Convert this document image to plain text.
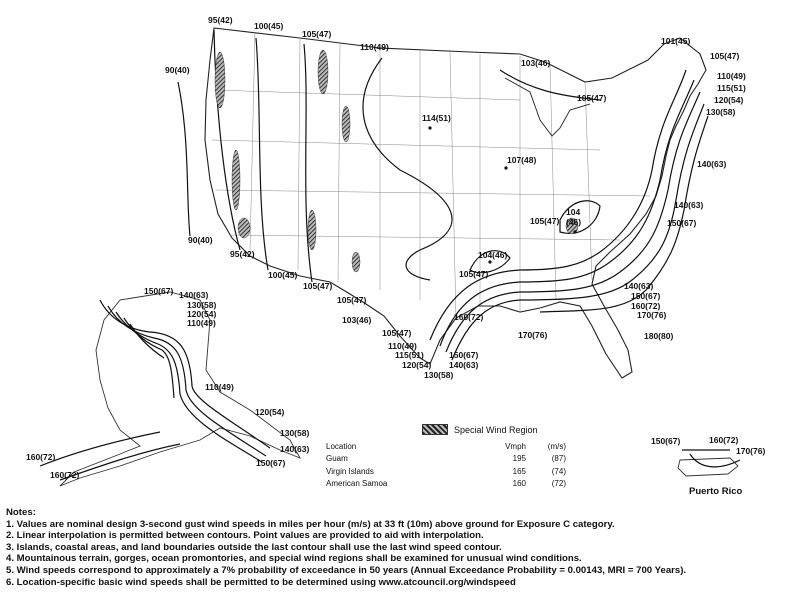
90(40)
95(42)
100(45)
105(47)
110(49)
114(51)
103(46)
105(47)
107(48)
101(45)
105(47)
110(49)
115(51)
120(54)
130(58)
140(63)
140(63)
150(67)
105(47)
104
(46)
104(46)
90(40)
95(42)
100(45)
105(47)
105(47)
105(47)
103(46)
105(47)
110(49)
115(51)
120(54)
130(58)
150(67)
140(63)
160(72)
170(76)
140(63)
150(67)
160(72)
170(76)
180(80)
150(67) 140(63)
130(58)
120(54)
110(49)
110(49)
120(54)
130(58)
140(63)
150(67)
160(72)
160(72)
150(67)	160(72)
170(76)
Special Wind Region
Location	Vmph	(m/s)
Guam	195	(87)
Virgin Islands	165	(74)
American Samoa	160	(72)
Puerto Rico
Notes:
1. Values are nominal design 3-second gust wind speeds in miles per hour (m/s) at 33 ft (10m) above ground for Exposure C category.
2. Linear interpolation is permitted between contours. Point values are provided to aid with interpolation.
3. Islands, coastal areas, and land boundaries outside the last contour shall use the last wind speed contour.
4. Mountainous terrain, gorges, ocean promontories, and special wind regions shall be examined for unusual wind conditions.
5. Wind speeds correspond to approximately a 7% probability of exceedance in 50 years (Annual Exceedance Probability = 0.00143, MRI = 700 Years).
6. Location-specific basic wind speeds shall be permitted to be determined using www.atcouncil.org/windspeed
